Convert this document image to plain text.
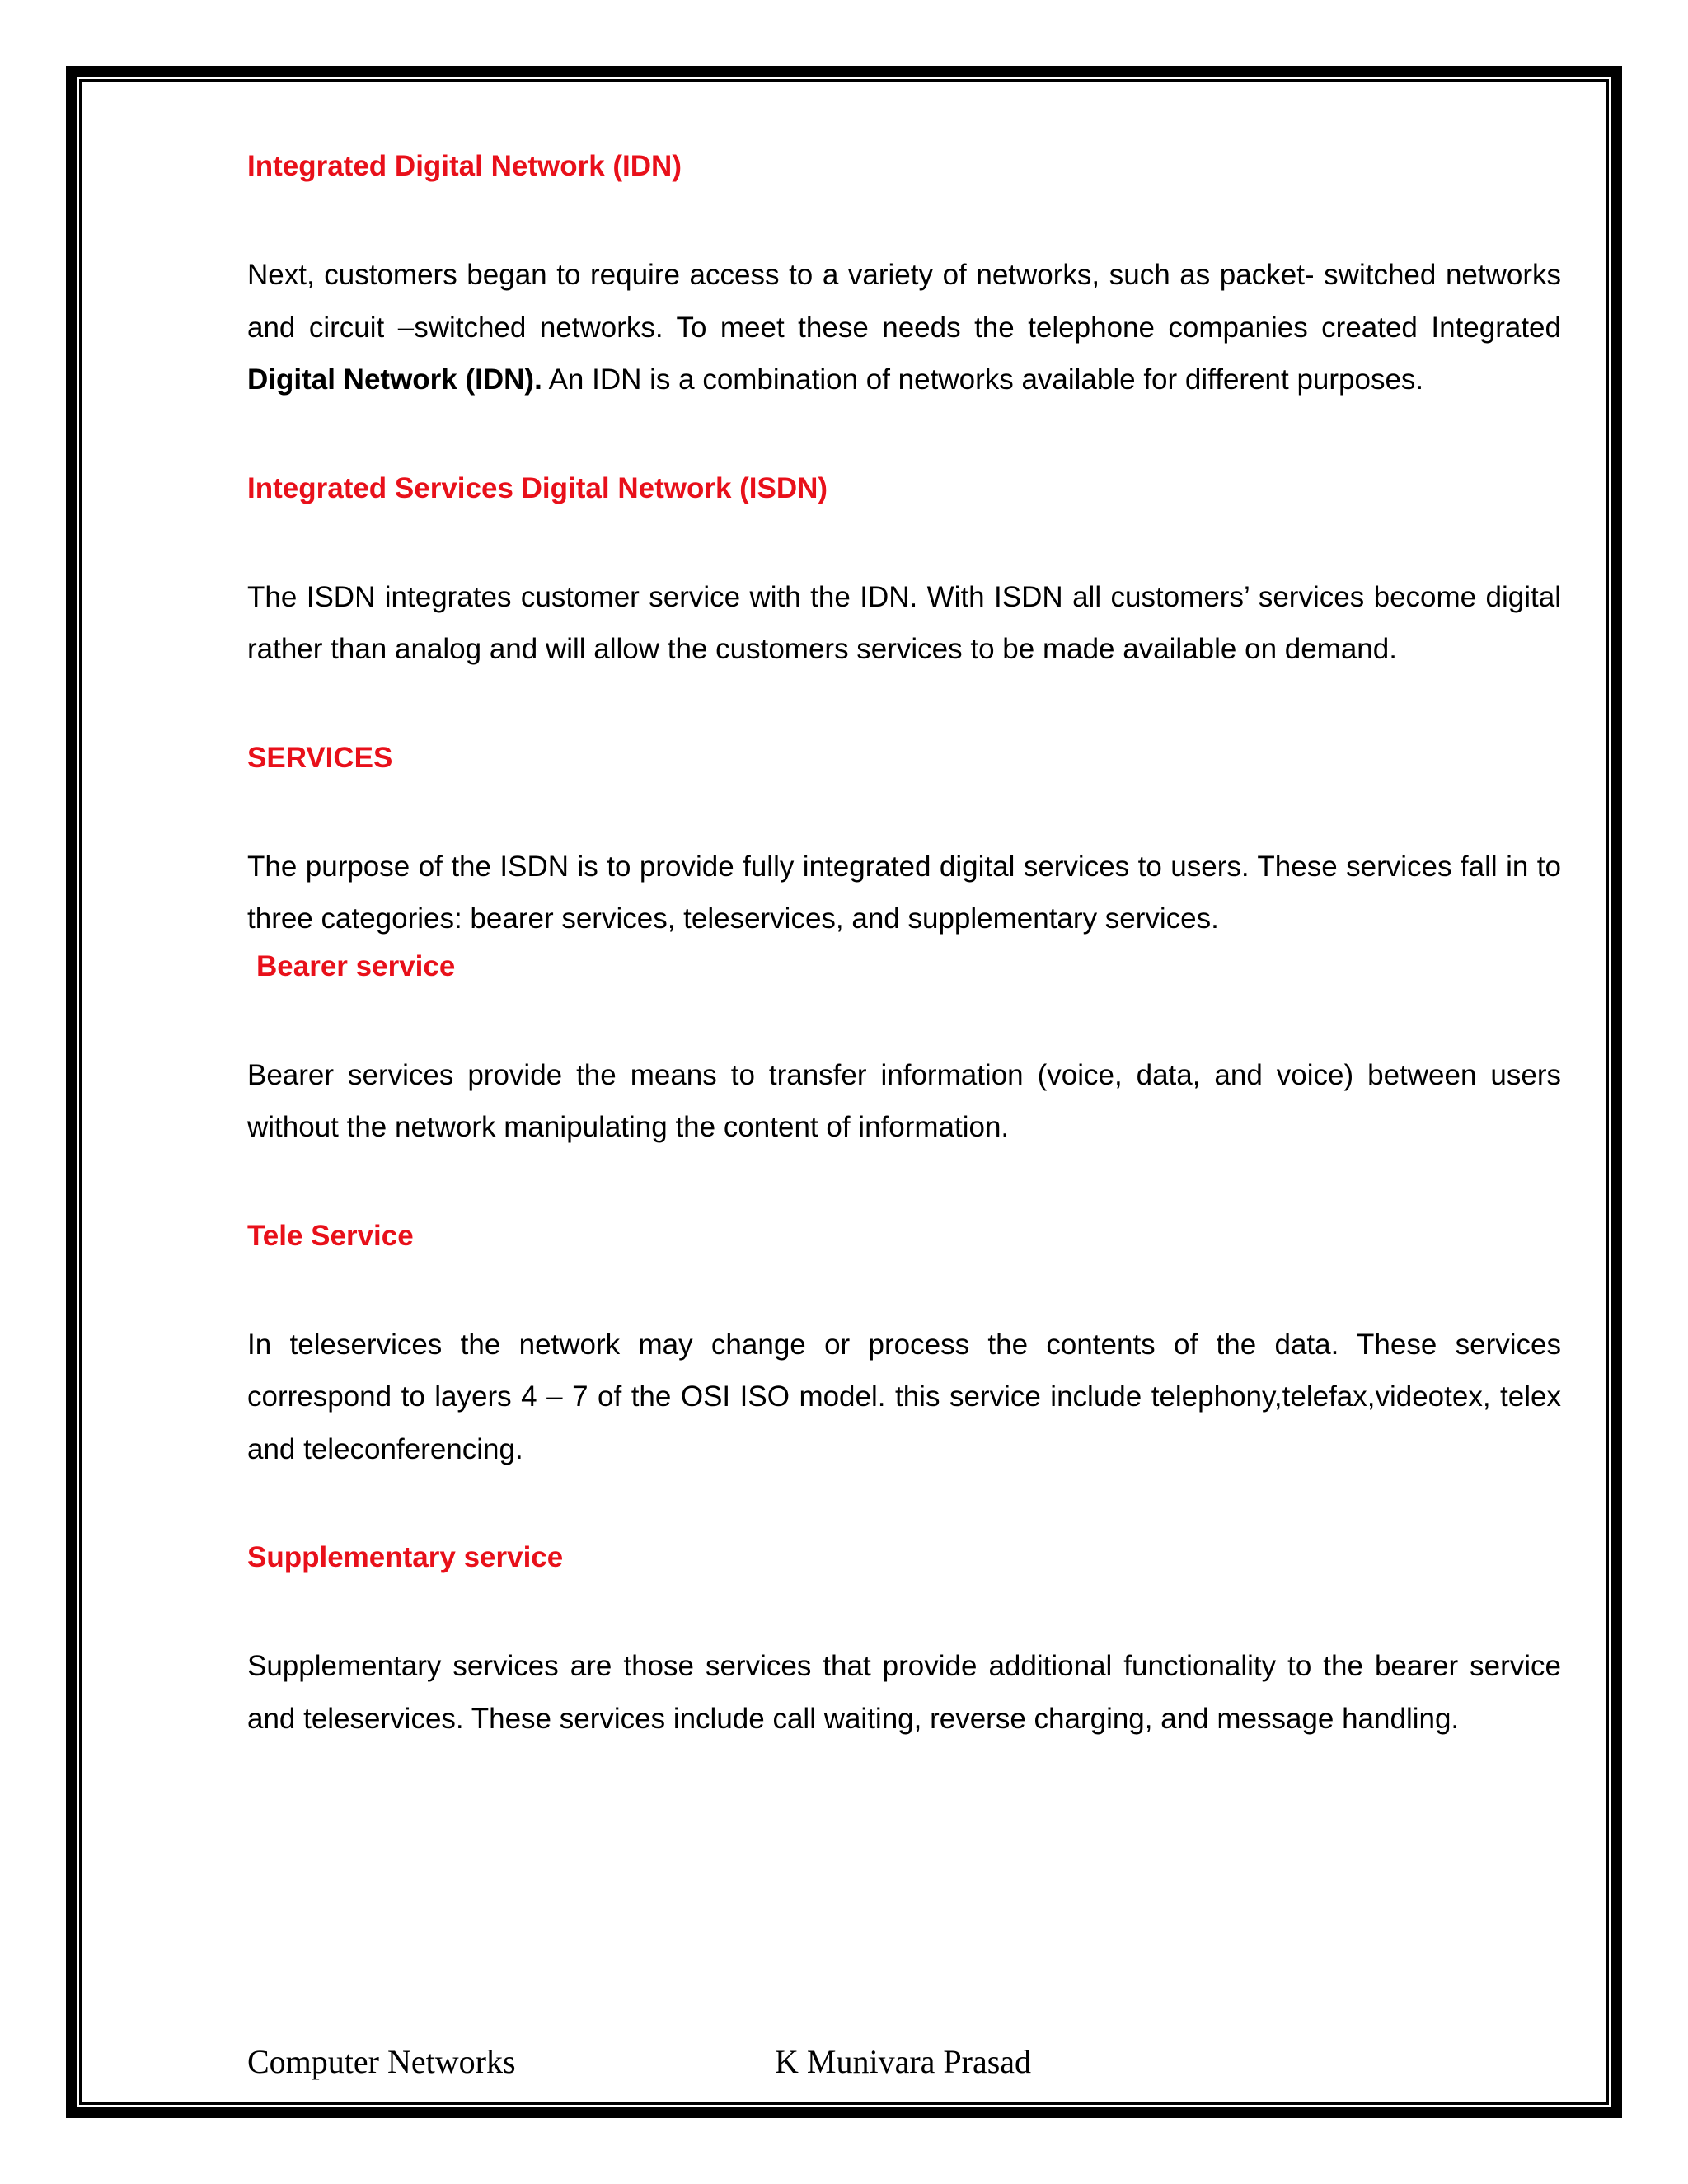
Integrated Digital Network (IDN)

Next, customers began to require access to a variety of networks, such as packet- switched networks and circuit –switched networks. To meet these needs the telephone companies created Integrated Digital Network (IDN). An IDN is a combination of networks available for different purposes.

Integrated Services Digital Network (ISDN)

The ISDN integrates customer service with the IDN. With ISDN all customers’ services become digital rather than analog and will allow the customers services to be made available on demand.

SERVICES

The purpose of the ISDN is to provide fully integrated digital services to users. These services fall in to three categories: bearer services, teleservices, and supplementary services.

Bearer service

Bearer services provide the means to transfer information (voice, data, and voice) between users without the network manipulating the content of information.

Tele Service

In teleservices the network may change or process the contents of the data. These services correspond to layers 4 – 7 of the OSI ISO model. this service include telephony,telefax,videotex, telex and teleconferencing.

Supplementary service

Supplementary services are those services that provide additional functionality to the bearer service and teleservices. These services include call waiting, reverse charging, and message handling.

Computer Networks	K Munivara Prasad
